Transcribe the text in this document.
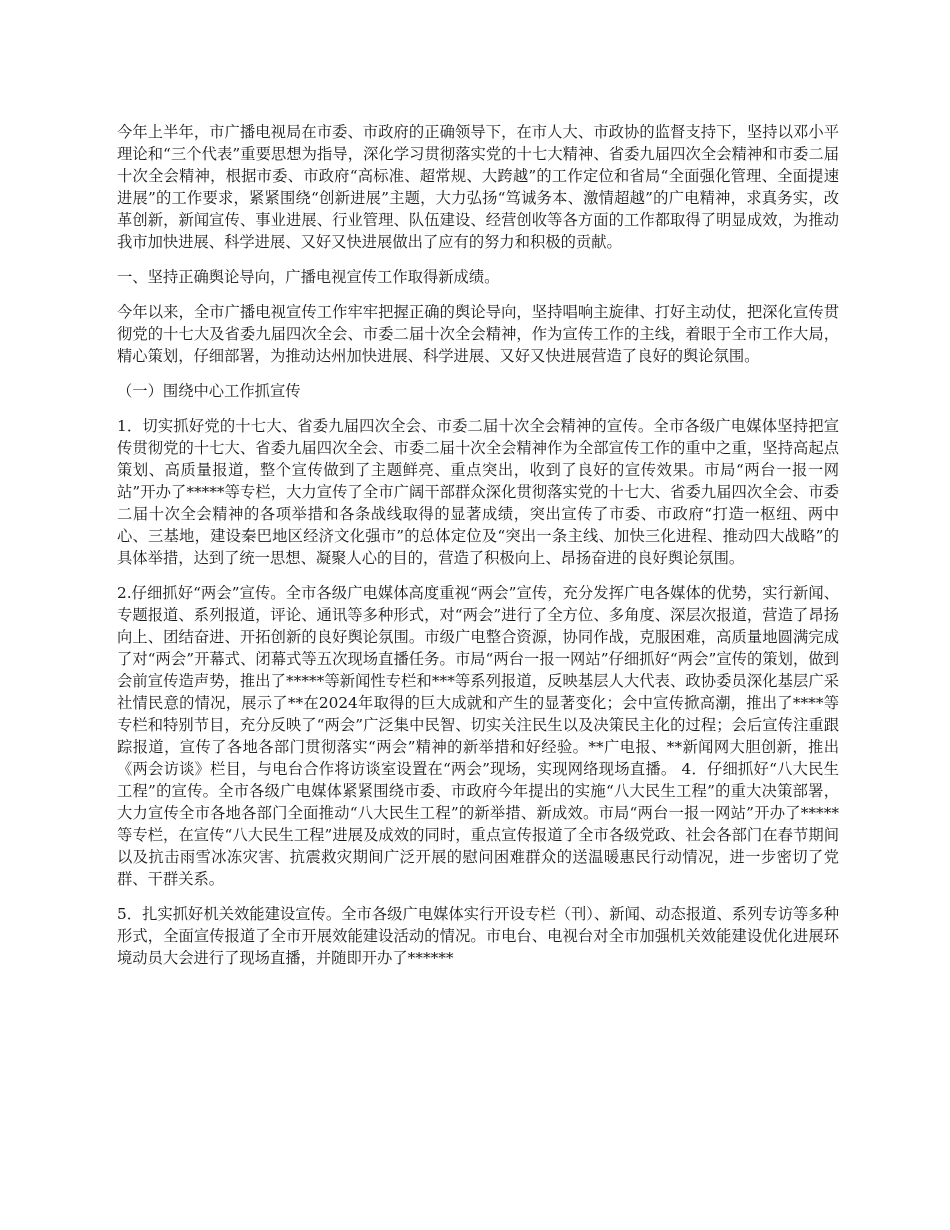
今年上半年，市广播电视局在市委、市政府的正确领导下，在市人大、市政协的监督支持下，坚持以邓小平理论和“三个代表”重要思想为指导，深化学习贯彻落实党的十七大精神、省委九届四次全会精神和市委二届十次全会精神，根据市委、市政府“高标准、超常规、大跨越”的工作定位和省局“全面强化管理、全面提速进展”的工作要求，紧紧围绕“创新进展”主题，大力弘扬“笃诚务本、激情超越”的广电精神，求真务实，改革创新，新闻宣传、事业进展、行业管理、队伍建设、经营创收等各方面的工作都取得了明显成效，为推动我市加快进展、科学进展、又好又快进展做出了应有的努力和积极的贡献。

一、坚持正确舆论导向，广播电视宣传工作取得新成绩。

今年以来，全市广播电视宣传工作牢牢把握正确的舆论导向，坚持唱响主旋律、打好主动仗，把深化宣传贯彻党的十七大及省委九届四次全会、市委二届十次全会精神，作为宣传工作的主线，着眼于全市工作大局，精心策划，仔细部署，为推动达州加快进展、科学进展、又好又快进展营造了良好的舆论氛围。

（一）围绕中心工作抓宣传

1．切实抓好党的十七大、省委九届四次全会、市委二届十次全会精神的宣传。全市各级广电媒体坚持把宣传贯彻党的十七大、省委九届四次全会、市委二届十次全会精神作为全部宣传工作的重中之重，坚持高起点策划、高质量报道，整个宣传做到了主题鲜亮、重点突出，收到了良好的宣传效果。市局“两台一报一网站”开办了*****等专栏，大力宣传了全市广阔干部群众深化贯彻落实党的十七大、省委九届四次全会、市委二届十次全会精神的各项举措和各条战线取得的显著成绩，突出宣传了市委、市政府“打造一枢纽、两中心、三基地，建设秦巴地区经济文化强市”的总体定位及“突出一条主线、加快三化进程、推动四大战略”的具体举措，达到了统一思想、凝聚人心的目的，营造了积极向上、昂扬奋进的良好舆论氛围。

2.仔细抓好“两会”宣传。全市各级广电媒体高度重视“两会”宣传，充分发挥广电各媒体的优势，实行新闻、专题报道、系列报道，评论、通讯等多种形式，对“两会”进行了全方位、多角度、深层次报道，营造了昂扬向上、团结奋进、开拓创新的良好舆论氛围。市级广电整合资源，协同作战，克服困难，高质量地圆满完成了对“两会”开幕式、闭幕式等五次现场直播任务。市局“两台一报一网站”仔细抓好“两会”宣传的策划，做到会前宣传造声势，推出了*****等新闻性专栏和***等系列报道，反映基层人大代表、政协委员深化基层广采社情民意的情况，展示了**在2024年取得的巨大成就和产生的显著变化；会中宣传掀高潮，推出了****等专栏和特别节目，充分反映了“两会”广泛集中民智、切实关注民生以及决策民主化的过程；会后宣传注重跟踪报道，宣传了各地各部门贯彻落实“两会”精神的新举措和好经验。**广电报、**新闻网大胆创新，推出《两会访谈》栏目，与电台合作将访谈室设置在“两会”现场，实现网络现场直播。 4．仔细抓好“八大民生工程”的宣传。全市各级广电媒体紧紧围绕市委、市政府今年提出的实施“八大民生工程”的重大决策部署，大力宣传全市各地各部门全面推动“八大民生工程”的新举措、新成效。市局“两台一报一网站”开办了*****等专栏，在宣传“八大民生工程”进展及成效的同时，重点宣传报道了全市各级党政、社会各部门在春节期间以及抗击雨雪冰冻灾害、抗震救灾期间广泛开展的慰问困难群众的送温暖惠民行动情况，进一步密切了党群、干群关系。

5．扎实抓好机关效能建设宣传。全市各级广电媒体实行开设专栏（刊）、新闻、动态报道、系列专访等多种形式，全面宣传报道了全市开展效能建设活动的情况。市电台、电视台对全市加强机关效能建设优化进展环境动员大会进行了现场直播，并随即开办了******
